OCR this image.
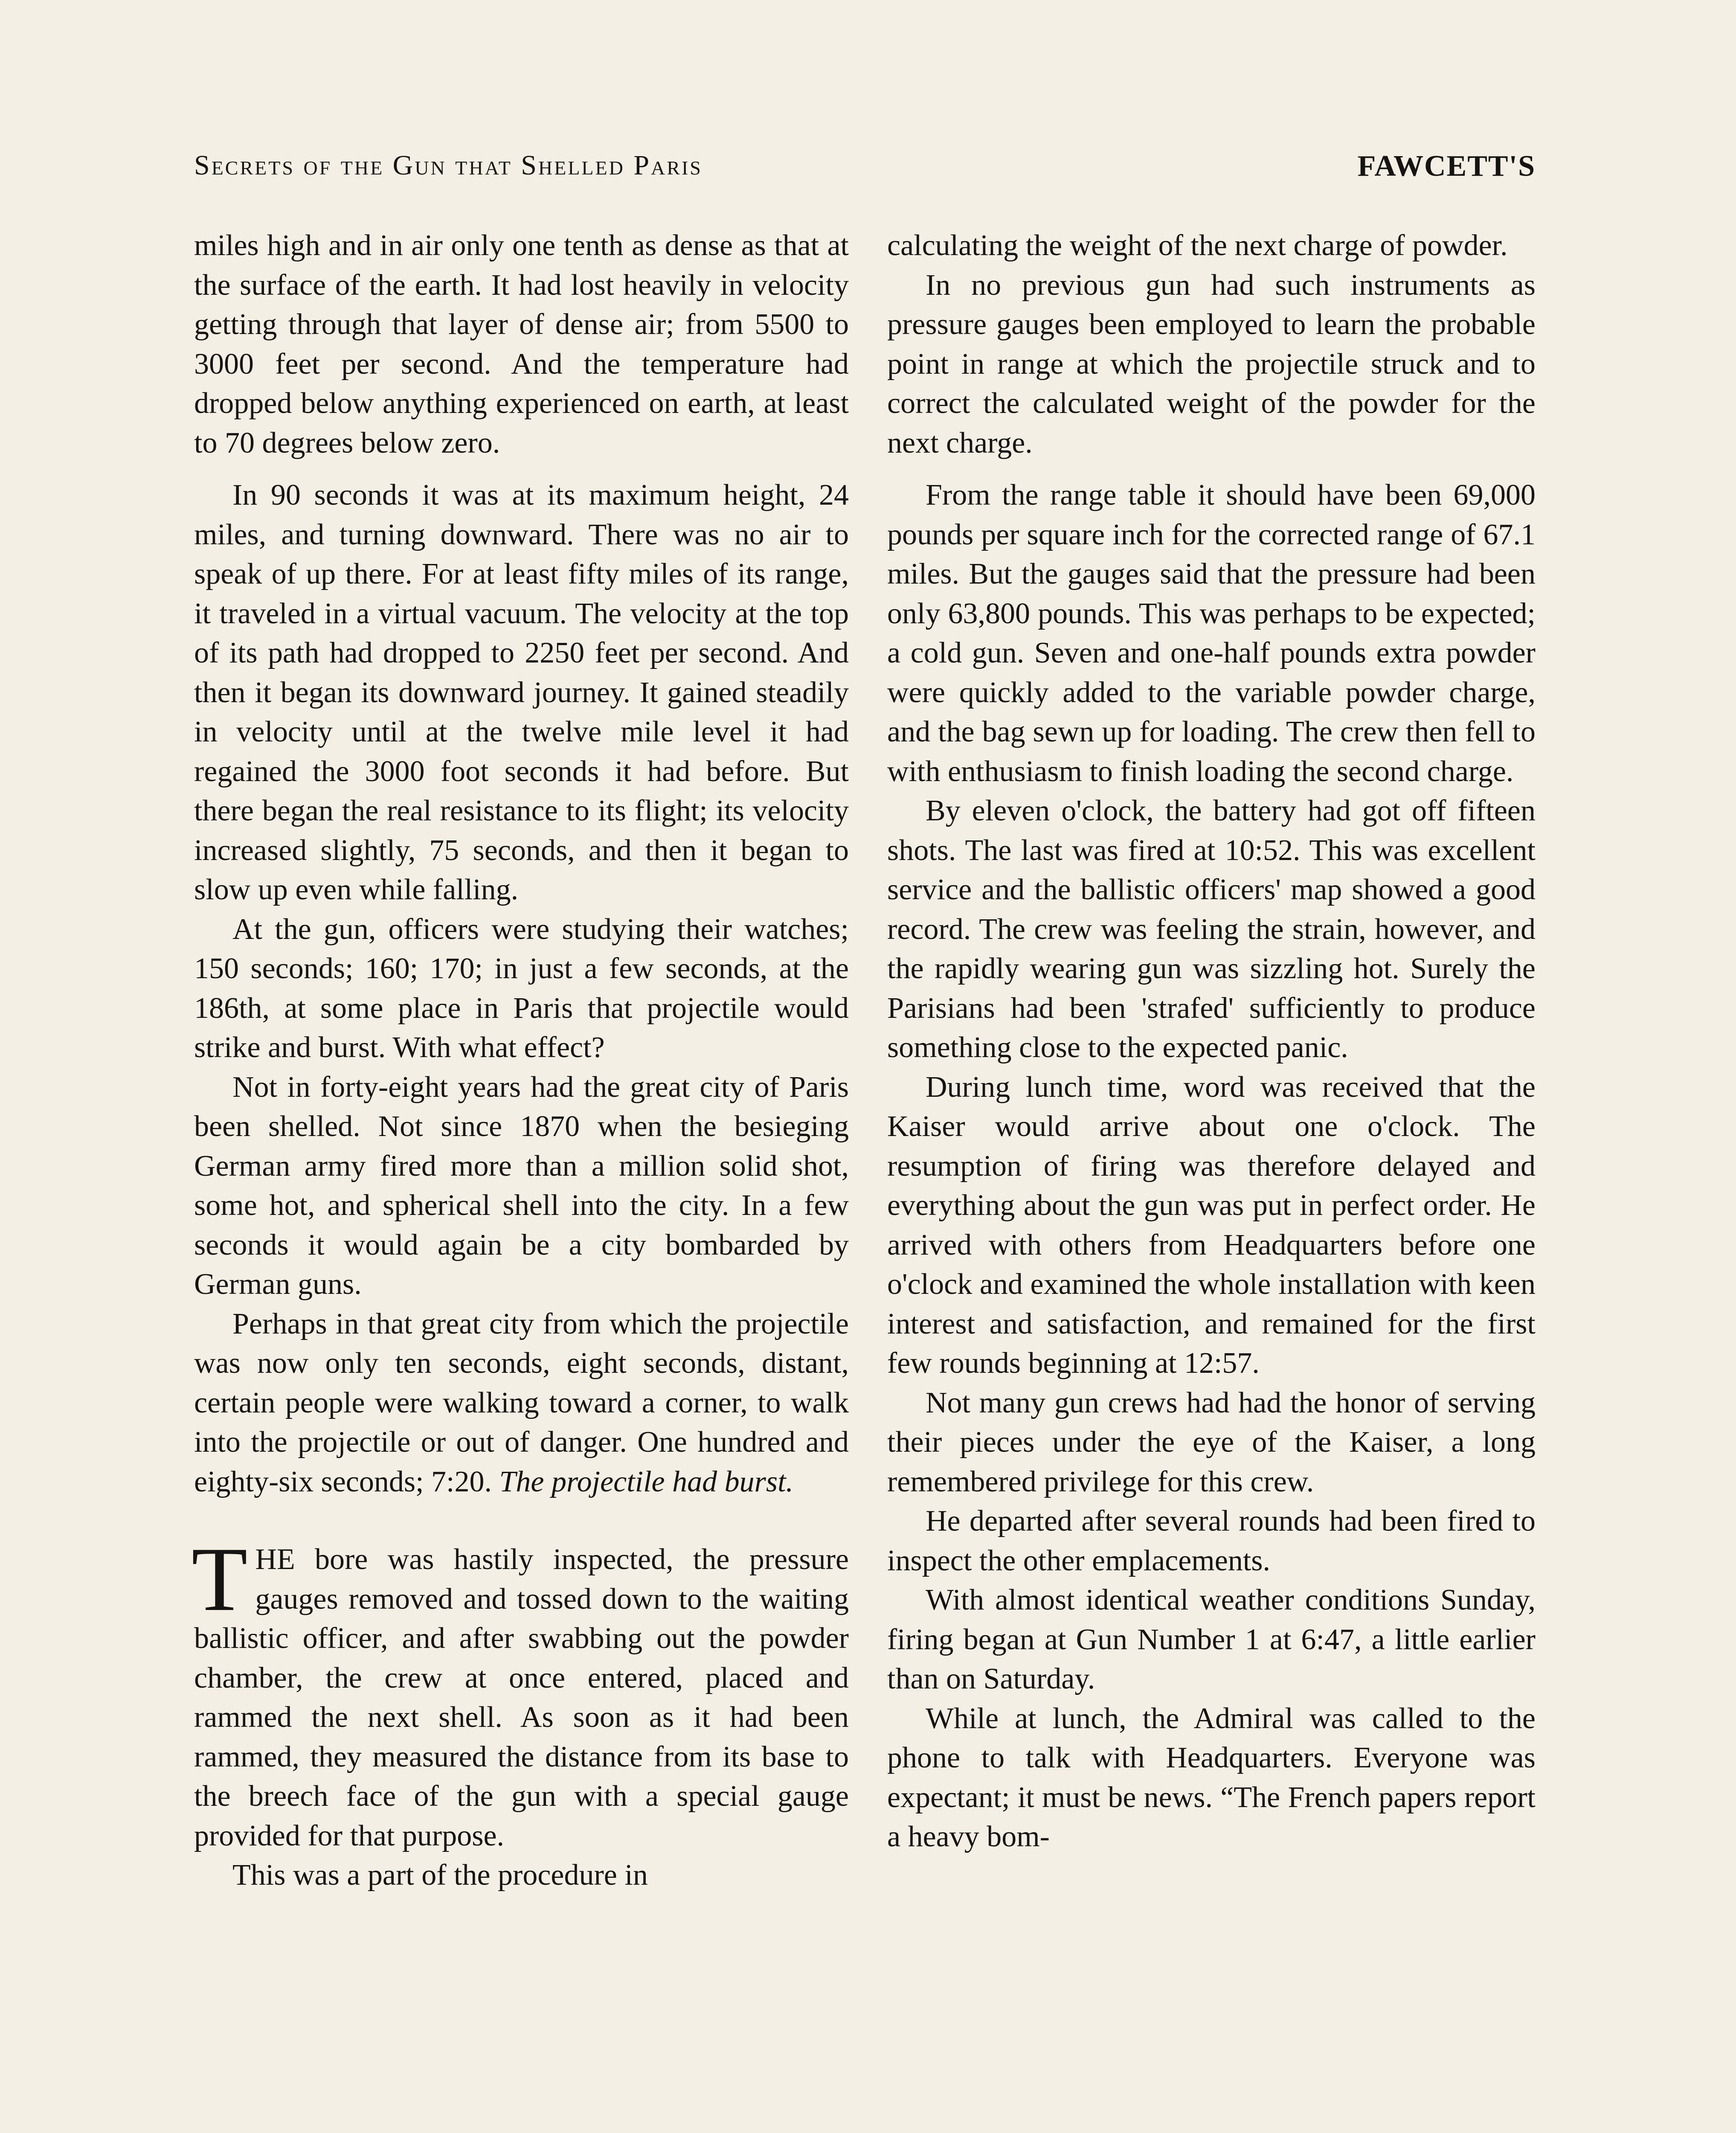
Secrets of the Gun that Shelled Paris	FAWCETT'S

miles high and in air only one tenth as dense as that at the surface of the earth. It had lost heavily in velocity getting through that layer of dense air; from 5500 to 3000 feet per second. And the temperature had dropped below anything experienced on earth, at least to 70 degrees below zero.

In 90 seconds it was at its maximum height, 24 miles, and turning downward. There was no air to speak of up there. For at least fifty miles of its range, it traveled in a virtual vacuum. The velocity at the top of its path had dropped to 2250 feet per second. And then it began its downward journey. It gained steadily in velocity until at the twelve mile level it had regained the 3000 foot seconds it had before. But there began the real resistance to its flight; its velocity increased slightly, 75 seconds, and then it began to slow up even while falling.

At the gun, officers were studying their watches; 150 seconds; 160; 170; in just a few seconds, at the 186th, at some place in Paris that projectile would strike and burst. With what effect?

Not in forty-eight years had the great city of Paris been shelled. Not since 1870 when the besieging German army fired more than a million solid shot, some hot, and spherical shell into the city. In a few seconds it would again be a city bombarded by German guns.

Perhaps in that great city from which the projectile was now only ten seconds, eight seconds, distant, certain people were walking toward a corner, to walk into the projectile or out of danger. One hundred and eighty-six seconds; 7:20. The projectile had burst.

THE bore was hastily inspected, the pressure gauges removed and tossed down to the waiting ballistic officer, and after swabbing out the powder chamber, the crew at once entered, placed and rammed the next shell. As soon as it had been rammed, they measured the distance from its base to the breech face of the gun with a special gauge provided for that purpose.

This was a part of the procedure in

calculating the weight of the next charge of powder.

In no previous gun had such instruments as pressure gauges been employed to learn the probable point in range at which the projectile struck and to correct the calculated weight of the powder for the next charge.

From the range table it should have been 69,000 pounds per square inch for the corrected range of 67.1 miles. But the gauges said that the pressure had been only 63,800 pounds. This was perhaps to be expected; a cold gun. Seven and one-half pounds extra powder were quickly added to the variable powder charge, and the bag sewn up for loading. The crew then fell to with enthusiasm to finish loading the second charge.

By eleven o'clock, the battery had got off fifteen shots. The last was fired at 10:52. This was excellent service and the ballistic officers' map showed a good record. The crew was feeling the strain, however, and the rapidly wearing gun was sizzling hot. Surely the Parisians had been 'strafed' sufficiently to produce something close to the expected panic.

During lunch time, word was received that the Kaiser would arrive about one o'clock. The resumption of firing was therefore delayed and everything about the gun was put in perfect order. He arrived with others from Headquarters before one o'clock and examined the whole installation with keen interest and satisfaction, and remained for the first few rounds beginning at 12:57.

Not many gun crews had had the honor of serving their pieces under the eye of the Kaiser, a long remembered privilege for this crew.

He departed after several rounds had been fired to inspect the other emplacements.

With almost identical weather conditions Sunday, firing began at Gun Number 1 at 6:47, a little earlier than on Saturday.

While at lunch, the Admiral was called to the phone to talk with Headquarters. Everyone was expectant; it must be news. “The French papers report a heavy bom-
